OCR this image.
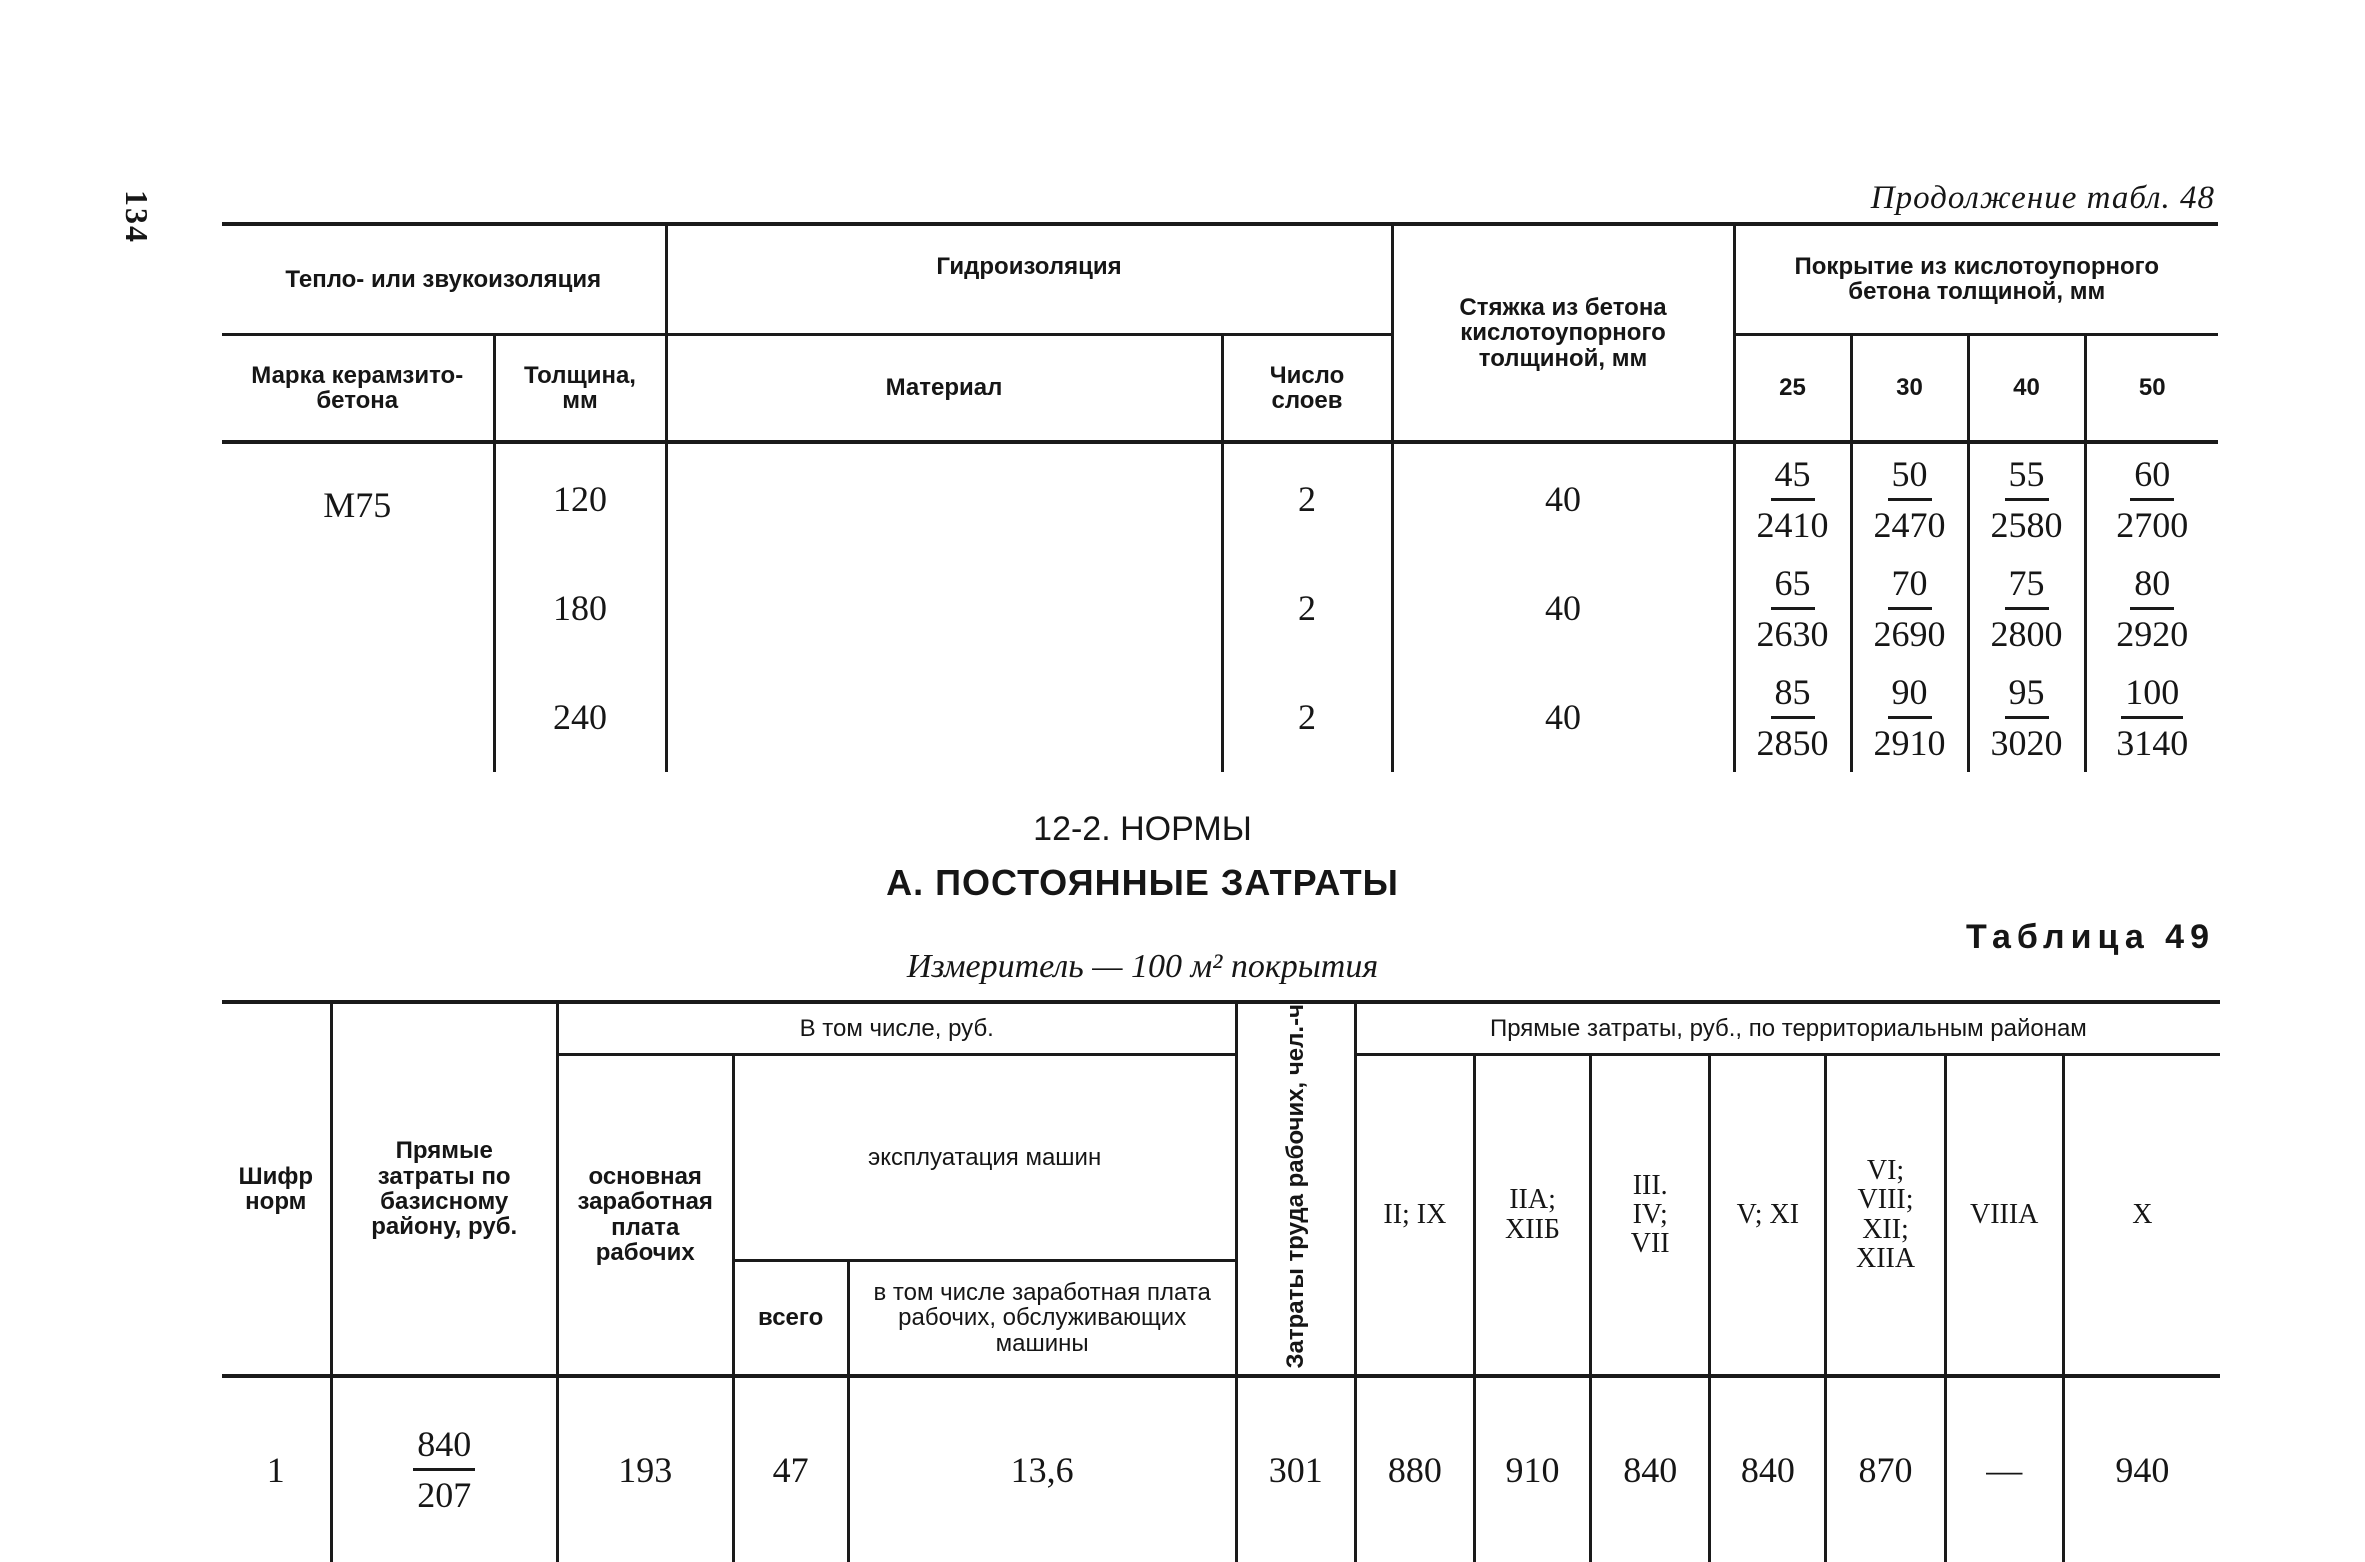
134	Продолжение табл. 48
Тепло- или звукоизоляция		Гидроизоляция		Стяжка из бетона кислотоупорного толщиной, мм	Покрытие из кислотоупорного бетона толщиной, мм			
Марка керамзито-бетона	Толщина, мм	Материал	Число слоев		25	30	40	50
M75	120		2	40	$\frac{45}{2410}$	$\frac{50}{2470}$	$\frac{55}{2580}$	$\frac{60}{2700}$

	180		2	40	$\frac{65}{2630}$	$\frac{70}{2690}$	$\frac{75}{2800}$	$\frac{80}{2920}$

	240		2	40	$\frac{85}{2850}$	$\frac{90}{2910}$	$\frac{95}{3020}$	$\frac{100}{3140}$
12-2. НОРМЫ
А. ПОСТОЯННЫЕ ЗАТРАТЫ
Таблица 49
Измеритель — 100 м² покрытия
Шифр норм	Прямые затраты по базисному району, руб.	В том числе, руб.			Затраты труда рабочих, чел.-ч	Прямые затраты, руб., по территориальным районам						
		основная заработная плата рабочих	эксплуатация машин			II; IX	IIА; XIIБ	III. IV; VII	V; XI	VI; VIII; XII; XIIА	VIIIА	X
			всего	в том числе заработная плата рабочих, обслуживающих машины								
1	$\frac{840}{207}$	193	47	13,6	301	880	910	840	840	870	—	940
